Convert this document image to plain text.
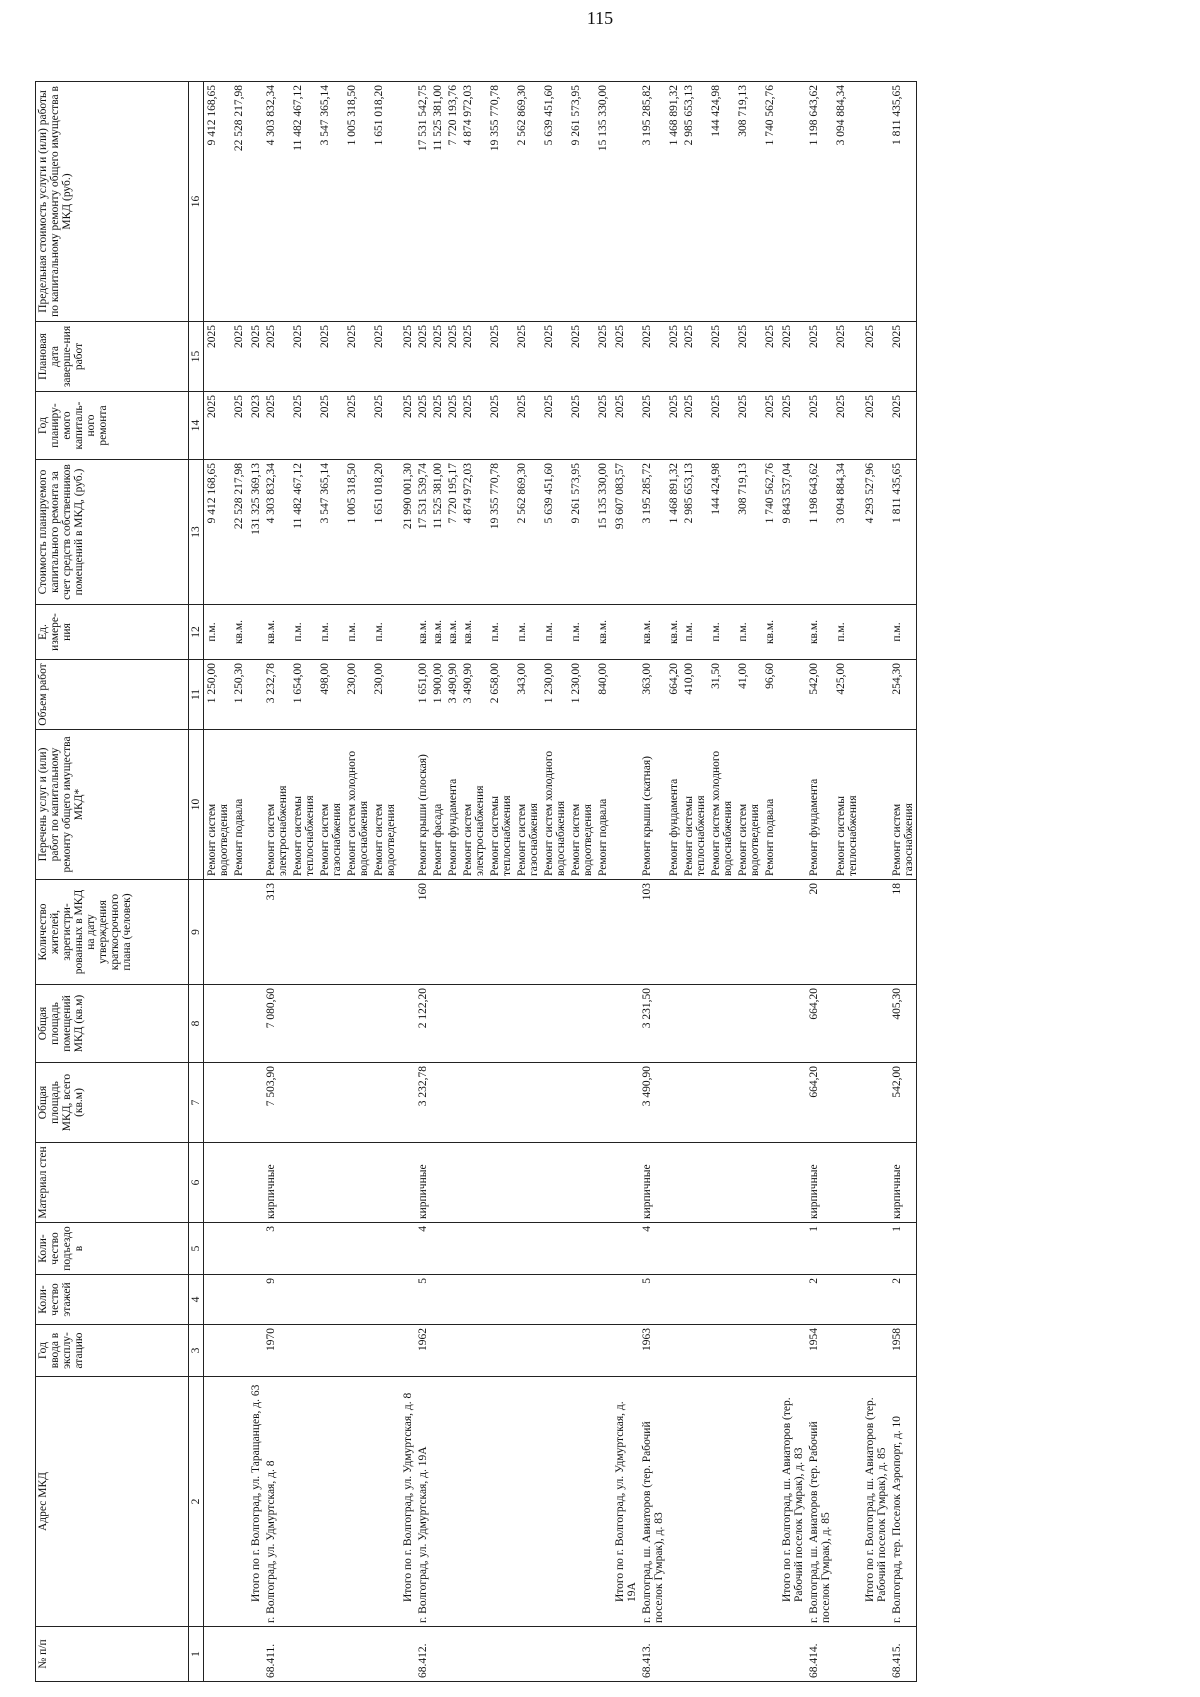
115
№ п/п	Адрес МКД	Год ввода в эксплу-атацию	Коли-чество этажей	Коли-чество подъездо в	Материал стен	Общая площадь МКД, всего (кв.м)	Общая площадь помещений МКД (кв.м)	Количество жителей, зарегистри-рованных в МКД на дату утверждения краткосрочного плана (человек)	Перечень услуг и (или) работ по капитальному ремонту общего имущества МКД*	Объем работ	Ед. измере-ния	Стоимость планируемого капитального ремонта за счет средств собственников помещений в МКД, (руб.)	Год планиру-емого капиталь-ного ремонта	Плановая дата заверше-ния работ	Предельная стоимость услуги и (или) работы по капитальному ремонту общего имущества в МКД (руб.)
1	2	3	4	5	6	7	8	9	10	11	12	13	14	15	16
									Ремонт систем водоотведения	1 250,00	п.м.	9 412 168,65	2025	2025	9 412 168,65
									Ремонт подвала	1 250,30	кв.м.	22 528 217,98	2025	2025	22 528 217,98
	Итого по г. Волгоград, ул. Таращанцев, д. 63											131 325 369,13	2023	2025	
68.411.	г. Волгоград, ул. Удмуртская, д. 8	1970	9	3	кирпичные	7 503,90	7 080,60	313	Ремонт систем электроснабжения	3 232,78	кв.м.	4 303 832,34	2025	2025	4 303 832,34
									Ремонт системы теплоснабжения	1 654,00	п.м.	11 482 467,12	2025	2025	11 482 467,12
									Ремонт систем газоснабжения	498,00	п.м.	3 547 365,14	2025	2025	3 547 365,14
									Ремонт систем холодного водоснабжения	230,00	п.м.	1 005 318,50	2025	2025	1 005 318,50
									Ремонт систем водоотведения	230,00	п.м.	1 651 018,20	2025	2025	1 651 018,20
	Итого по г. Волгоград, ул. Удмуртская, д. 8											21 990 001,30	2025	2025	
68.412.	г. Волгоград, ул. Удмуртская, д. 19А	1962	5	4	кирпичные	3 232,78	2 122,20	160	Ремонт крыши (плоская)	1 651,00	кв.м.	17 531 539,74	2025	2025	17 531 542,75
									Ремонт фасада	1 900,00	кв.м.	11 525 381,00	2025	2025	11 525 381,00
									Ремонт фундамента	3 490,90	кв.м.	7 720 195,17	2025	2025	7 720 193,76
									Ремонт систем электроснабжения	3 490,90	кв.м.	4 874 972,03	2025	2025	4 874 972,03
									Ремонт системы теплоснабжения	2 658,00	п.м.	19 355 770,78	2025	2025	19 355 770,78
									Ремонт систем газоснабжения	343,00	п.м.	2 562 869,30	2025	2025	2 562 869,30
									Ремонт систем холодного водоснабжения	1 230,00	п.м.	5 639 451,60	2025	2025	5 639 451,60
									Ремонт систем водоотведения	1 230,00	п.м.	9 261 573,95	2025	2025	9 261 573,95
									Ремонт подвала	840,00	кв.м.	15 135 330,00	2025	2025	15 135 330,00
	Итого по г. Волгоград, ул. Удмуртская, д. 19А											93 607 083,57	2025	2025	
68.413.	г. Волгоград, ш. Авиаторов (тер. Рабочий поселок Гумрак), д. 83	1963	5	4	кирпичные	3 490,90	3 231,50	103	Ремонт крыши (скатная)	363,00	кв.м.	3 195 285,72	2025	2025	3 195 285,82
									Ремонт фундамента	664,20	кв.м.	1 468 891,32	2025	2025	1 468 891,32
									Ремонт системы теплоснабжения	410,00	п.м.	2 985 653,13	2025	2025	2 985 653,13
									Ремонт систем холодного водоснабжения	31,50	п.м.	144 424,98	2025	2025	144 424,98
									Ремонт систем водоотведения	41,00	п.м.	308 719,13	2025	2025	308 719,13
									Ремонт подвала	96,60	кв.м.	1 740 562,76	2025	2025	1 740 562,76
	Итого по г. Волгоград, ш. Авиаторов (тер. Рабочий поселок Гумрак), д. 83											9 843 537,04	2025	2025	
68.414.	г. Волгоград, ш. Авиаторов (тер. Рабочий поселок Гумрак), д. 85	1954	2	1	кирпичные	664,20	664,20	20	Ремонт фундамента	542,00	кв.м.	1 198 643,62	2025	2025	1 198 643,62
									Ремонт системы теплоснабжения	425,00	п.м.	3 094 884,34	2025	2025	3 094 884,34
	Итого по г. Волгоград, ш. Авиаторов (тер. Рабочий поселок Гумрак), д. 85											4 293 527,96	2025	2025	
68.415.	г. Волгоград, тер. Поселок Аэропорт, д. 10	1958	2	1	кирпичные	542,00	405,30	18	Ремонт систем газоснабжения	254,30	п.м.	1 811 435,65	2025	2025	1 811 435,65
